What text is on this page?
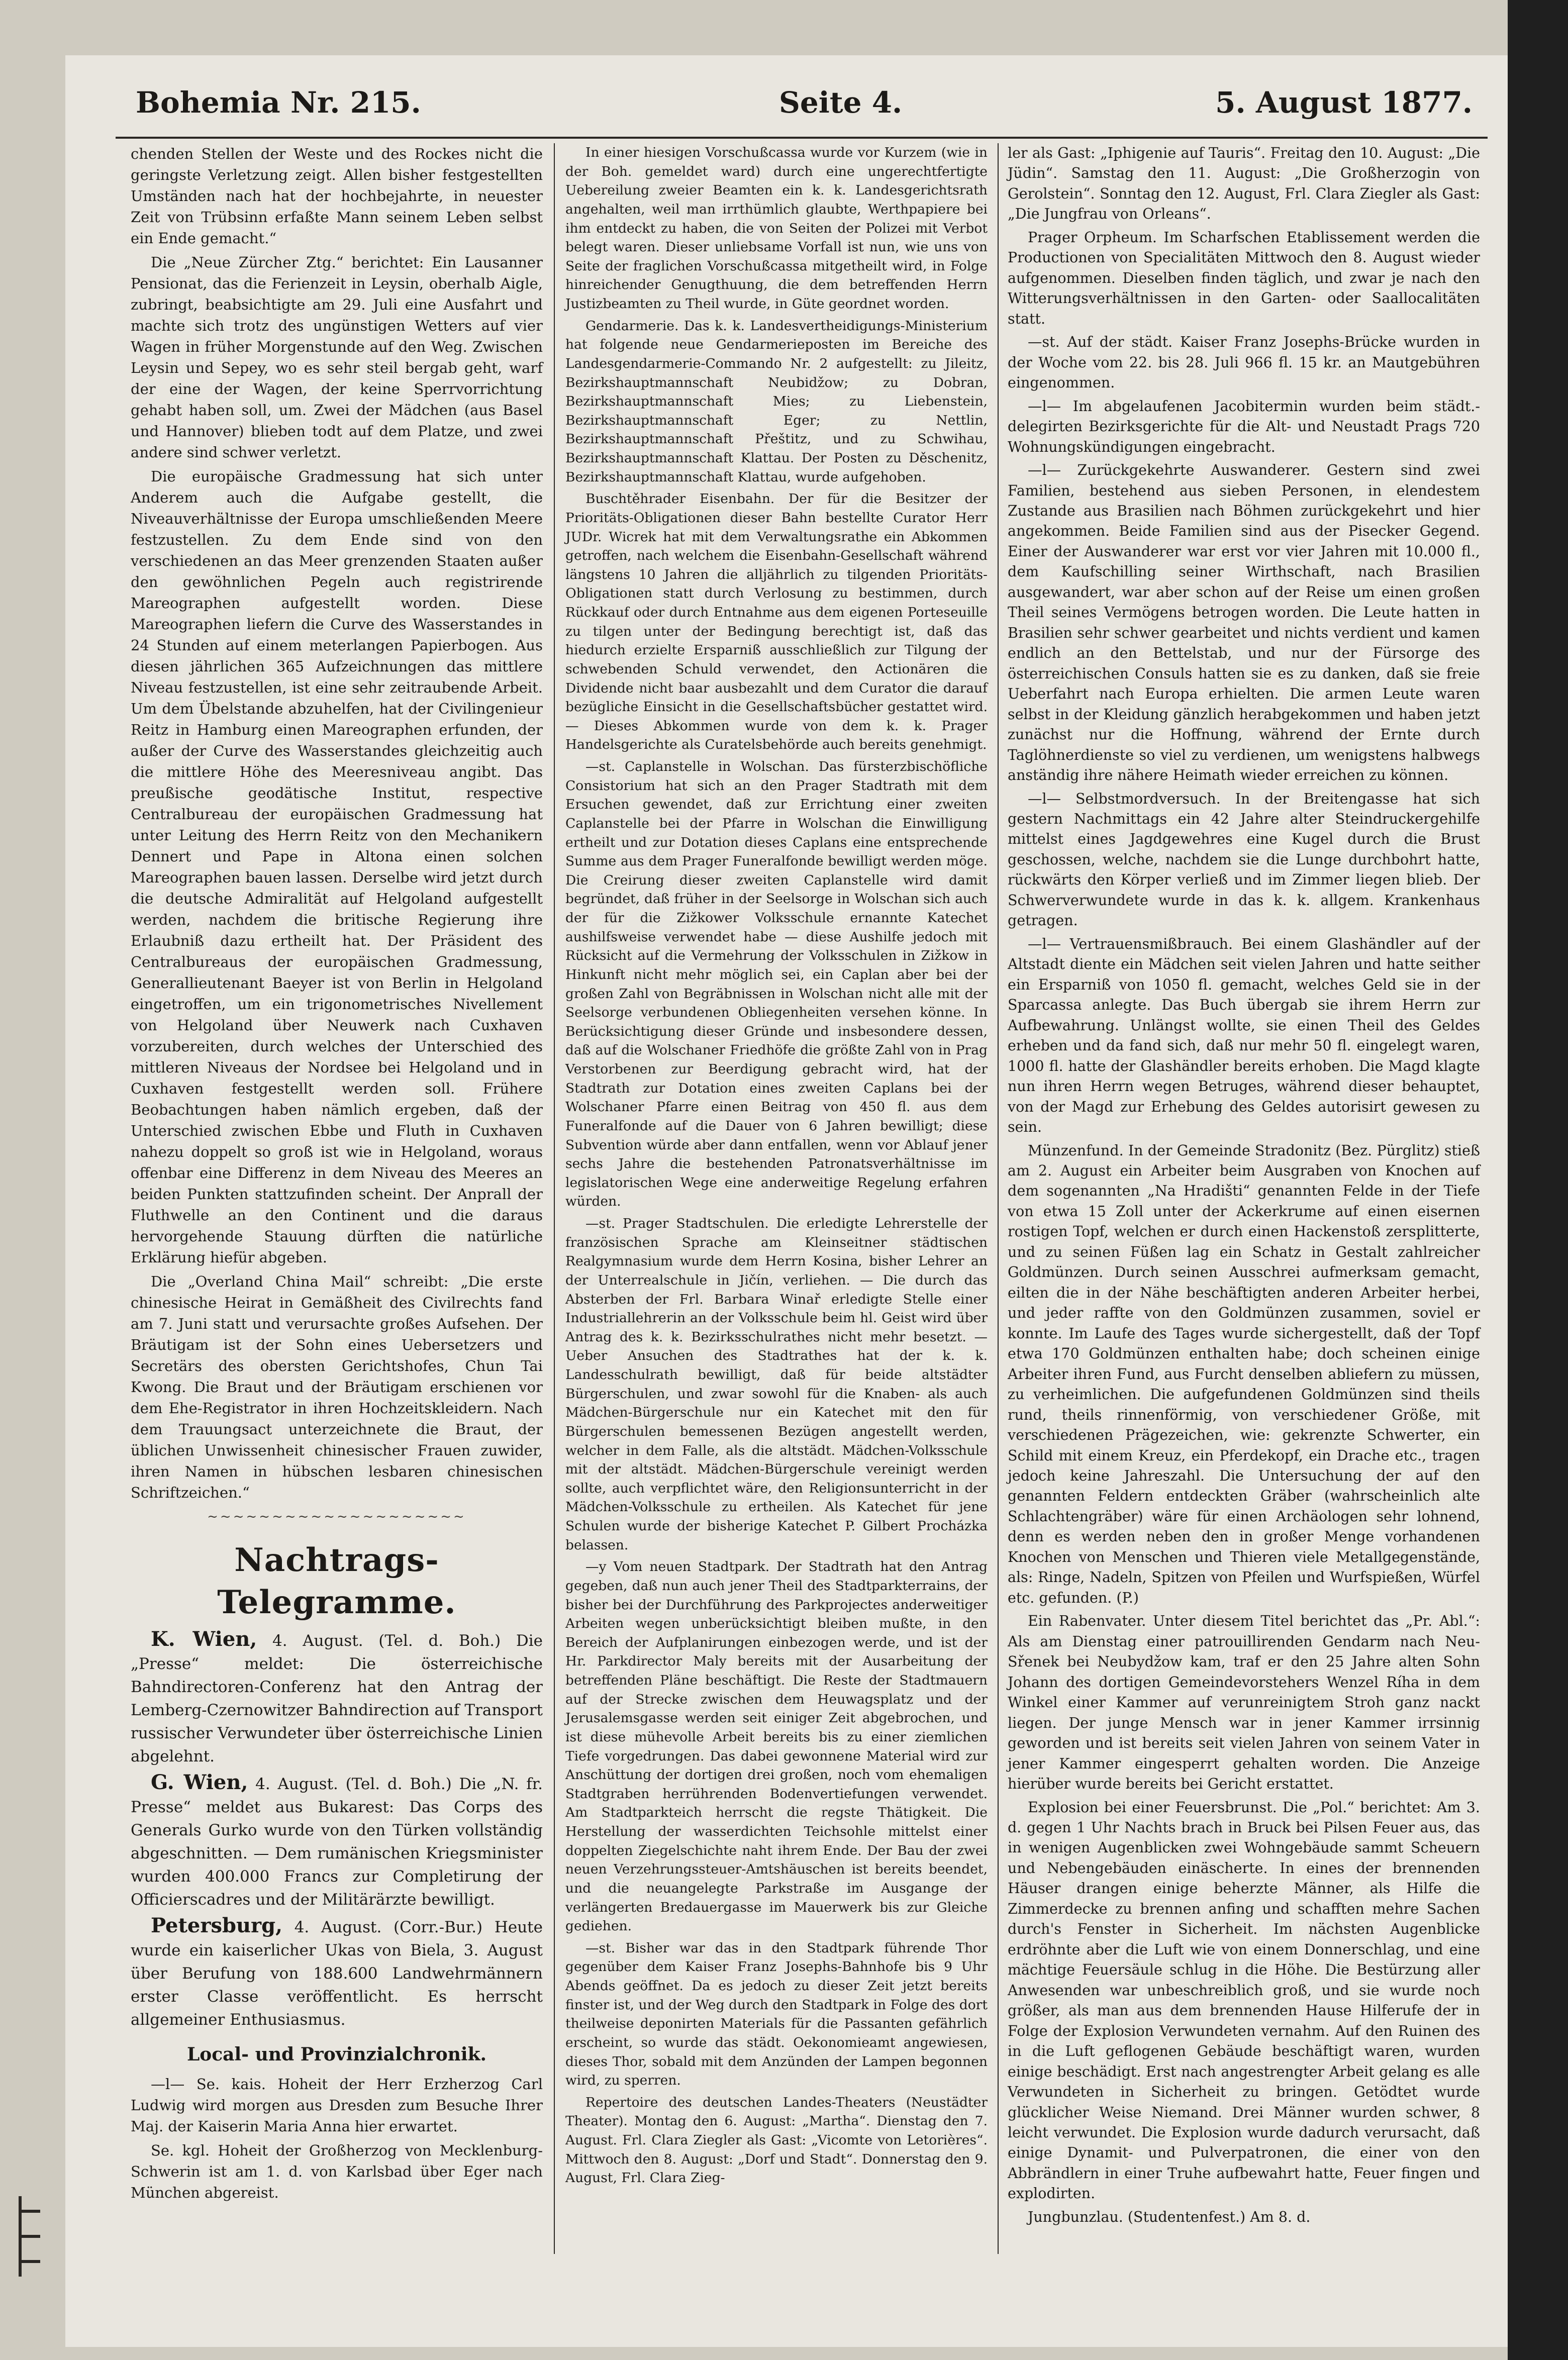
Bohemia Nr. 215.	Seite 4.	5. August 1877.

chenden Stellen der Weste und des Rockes nicht die geringste Verletzung zeigt. Allen bisher festgestellten Umständen nach hat der hochbejahrte, in neuester Zeit von Trübsinn erfaßte Mann seinem Leben selbst ein Ende gemacht.“

Die „Neue Zürcher Ztg.“ berichtet: Ein Lausanner Pensionat, das die Ferienzeit in Leysin, oberhalb Aigle, zubringt, beabsichtigte am 29. Juli eine Ausfahrt und machte sich trotz des ungünstigen Wetters auf vier Wagen in früher Morgenstunde auf den Weg. Zwischen Leysin und Sepey, wo es sehr steil bergab geht, warf der eine der Wagen, der keine Sperrvorrichtung gehabt haben soll, um. Zwei der Mädchen (aus Basel und Hannover) blieben todt auf dem Platze, und zwei andere sind schwer verletzt.

Die europäische Gradmessung hat sich unter Anderem auch die Aufgabe gestellt, die Niveauverhältnisse der Europa umschließenden Meere festzustellen. Zu dem Ende sind von den verschiedenen an das Meer grenzenden Staaten außer den gewöhnlichen Pegeln auch registrirende Mareographen aufgestellt worden. Diese Mareographen liefern die Curve des Wasserstandes in 24 Stunden auf einem meterlangen Papierbogen. Aus diesen jährlichen 365 Aufzeichnungen das mittlere Niveau festzustellen, ist eine sehr zeitraubende Arbeit. Um dem Übelstande abzuhelfen, hat der Civilingenieur Reitz in Hamburg einen Mareographen erfunden, der außer der Curve des Wasserstandes gleichzeitig auch die mittlere Höhe des Meeresniveau angibt. Das preußische geodätische Institut, respective Centralbureau der europäischen Gradmessung hat unter Leitung des Herrn Reitz von den Mechanikern Dennert und Pape in Altona einen solchen Mareographen bauen lassen. Derselbe wird jetzt durch die deutsche Admiralität auf Helgoland aufgestellt werden, nachdem die britische Regierung ihre Erlaubniß dazu ertheilt hat. Der Präsident des Centralbureaus der europäischen Gradmessung, Generallieutenant Baeyer ist von Berlin in Helgoland eingetroffen, um ein trigonometrisches Nivellement von Helgoland über Neuwerk nach Cuxhaven vorzubereiten, durch welches der Unterschied des mittleren Niveaus der Nordsee bei Helgoland und in Cuxhaven festgestellt werden soll. Frühere Beobachtungen haben nämlich ergeben, daß der Unterschied zwischen Ebbe und Fluth in Cuxhaven nahezu doppelt so groß ist wie in Helgoland, woraus offenbar eine Differenz in dem Niveau des Meeres an beiden Punkten stattzufinden scheint. Der Anprall der Fluthwelle an den Continent und die daraus hervorgehende Stauung dürften die natürliche Erklärung hiefür abgeben.

Die „Overland China Mail“ schreibt: „Die erste chinesische Heirat in Gemäßheit des Civilrechts fand am 7. Juni statt und verursachte großes Aufsehen. Der Bräutigam ist der Sohn eines Uebersetzers und Secretärs des obersten Gerichtshofes, Chun Tai Kwong. Die Braut und der Bräutigam erschienen vor dem Ehe-Registrator in ihren Hochzeitskleidern. Nach dem Trauungsact unterzeichnete die Braut, der üblichen Unwissenheit chinesischer Frauen zuwider, ihren Namen in hübschen lesbaren chinesischen Schriftzeichen.“

~~~~~~~~~~~~~~~~~~~~
Nachtrags-Telegramme.

K. Wien, 4. August. (Tel. d. Boh.) Die „Presse“ meldet: Die österreichische Bahndirectoren-Conferenz hat den Antrag der Lemberg-Czernowitzer Bahndirection auf Transport russischer Verwundeter über österreichische Linien abgelehnt.

G. Wien, 4. August. (Tel. d. Boh.) Die „N. fr. Presse“ meldet aus Bukarest: Das Corps des Generals Gurko wurde von den Türken vollständig abgeschnitten. — Dem rumänischen Kriegsminister wurden 400.000 Francs zur Completirung der Officierscadres und der Militärärzte bewilligt.

Petersburg, 4. August. (Corr.-Bur.) Heute wurde ein kaiserlicher Ukas von Biela, 3. August über Berufung von 188.600 Landwehrmännern erster Classe veröffentlicht. Es herrscht allgemeiner Enthusiasmus.

Local- und Provinzialchronik.

—l— Se. kais. Hoheit der Herr Erzherzog Carl Ludwig wird morgen aus Dresden zum Besuche Ihrer Maj. der Kaiserin Maria Anna hier erwartet.

Se. kgl. Hoheit der Großherzog von Mecklenburg-Schwerin ist am 1. d. von Karlsbad über Eger nach München abgereist.

In einer hiesigen Vorschußcassa wurde vor Kurzem (wie in der Boh. gemeldet ward) durch eine ungerechtfertigte Uebereilung zweier Beamten ein k. k. Landesgerichtsrath angehalten, weil man irrthümlich glaubte, Werthpapiere bei ihm entdeckt zu haben, die von Seiten der Polizei mit Verbot belegt waren. Dieser unliebsame Vorfall ist nun, wie uns von Seite der fraglichen Vorschußcassa mitgetheilt wird, in Folge hinreichender Genugthuung, die dem betreffenden Herrn Justizbeamten zu Theil wurde, in Güte geordnet worden.

Gendarmerie. Das k. k. Landesvertheidigungs-Ministerium hat folgende neue Gendarmerieposten im Bereiche des Landesgendarmerie-Commando Nr. 2 aufgestellt: zu Jileitz, Bezirkshauptmannschaft Neubidžow; zu Dobran, Bezirkshauptmannschaft Mies; zu Liebenstein, Bezirkshauptmannschaft Eger; zu Nettlin, Bezirkshauptmannschaft Přeštitz, und zu Schwihau, Bezirkshauptmannschaft Klattau. Der Posten zu Děschenitz, Bezirkshauptmannschaft Klattau, wurde aufgehoben.

Buschtěhrader Eisenbahn. Der für die Besitzer der Prioritäts-Obligationen dieser Bahn bestellte Curator Herr JUDr. Wicrek hat mit dem Verwaltungsrathe ein Abkommen getroffen, nach welchem die Eisenbahn-Gesellschaft während längstens 10 Jahren die alljährlich zu tilgenden Prioritäts-Obligationen statt durch Verlosung zu bestimmen, durch Rückkauf oder durch Entnahme aus dem eigenen Porteseuille zu tilgen unter der Bedingung berechtigt ist, daß das hiedurch erzielte Ersparniß ausschließlich zur Tilgung der schwebenden Schuld verwendet, den Actionären die Dividende nicht baar ausbezahlt und dem Curator die darauf bezügliche Einsicht in die Gesellschaftsbücher gestattet wird. — Dieses Abkommen wurde von dem k. k. Prager Handelsgerichte als Curatelsbehörde auch bereits genehmigt.

—st. Caplanstelle in Wolschan. Das fürsterzbischöfliche Consistorium hat sich an den Prager Stadtrath mit dem Ersuchen gewendet, daß zur Errichtung einer zweiten Caplanstelle bei der Pfarre in Wolschan die Einwilligung ertheilt und zur Dotation dieses Caplans eine entsprechende Summe aus dem Prager Funeralfonde bewilligt werden möge. Die Creirung dieser zweiten Caplanstelle wird damit begründet, daß früher in der Seelsorge in Wolschan sich auch der für die Zižkower Volksschule ernannte Katechet aushilfsweise verwendet habe — diese Aushilfe jedoch mit Rücksicht auf die Vermehrung der Volksschulen in Zižkow in Hinkunft nicht mehr möglich sei, ein Caplan aber bei der großen Zahl von Begräbnissen in Wolschan nicht alle mit der Seelsorge verbundenen Obliegenheiten versehen könne. In Berücksichtigung dieser Gründe und insbesondere dessen, daß auf die Wolschaner Friedhöfe die größte Zahl von in Prag Verstorbenen zur Beerdigung gebracht wird, hat der Stadtrath zur Dotation eines zweiten Caplans bei der Wolschaner Pfarre einen Beitrag von 450 fl. aus dem Funeralfonde auf die Dauer von 6 Jahren bewilligt; diese Subvention würde aber dann entfallen, wenn vor Ablauf jener sechs Jahre die bestehenden Patronatsverhältnisse im legislatorischen Wege eine anderweitige Regelung erfahren würden.

—st. Prager Stadtschulen. Die erledigte Lehrerstelle der französischen Sprache am Kleinseitner städtischen Realgymnasium wurde dem Herrn Kosina, bisher Lehrer an der Unterrealschule in Jičín, verliehen. — Die durch das Absterben der Frl. Barbara Winař erledigte Stelle einer Industriallehrerin an der Volksschule beim hl. Geist wird über Antrag des k. k. Bezirksschulrathes nicht mehr besetzt. — Ueber Ansuchen des Stadtrathes hat der k. k. Landesschulrath bewilligt, daß für beide altstädter Bürgerschulen, und zwar sowohl für die Knaben- als auch Mädchen-Bürgerschule nur ein Katechet mit den für Bürgerschulen bemessenen Bezügen angestellt werden, welcher in dem Falle, als die altstädt. Mädchen-Volksschule mit der altstädt. Mädchen-Bürgerschule vereinigt werden sollte, auch verpflichtet wäre, den Religionsunterricht in der Mädchen-Volksschule zu ertheilen. Als Katechet für jene Schulen wurde der bisherige Katechet P. Gilbert Procházka belassen.

—y Vom neuen Stadtpark. Der Stadtrath hat den Antrag gegeben, daß nun auch jener Theil des Stadtparkterrains, der bisher bei der Durchführung des Parkprojectes anderweitiger Arbeiten wegen unberücksichtigt bleiben mußte, in den Bereich der Aufplanirungen einbezogen werde, und ist der Hr. Parkdirector Maly bereits mit der Ausarbeitung der betreffenden Pläne beschäftigt. Die Reste der Stadtmauern auf der Strecke zwischen dem Heuwagsplatz und der Jerusalemsgasse werden seit einiger Zeit abgebrochen, und ist diese mühevolle Arbeit bereits bis zu einer ziemlichen Tiefe vorgedrungen. Das dabei gewonnene Material wird zur Anschüttung der dortigen drei großen, noch vom ehemaligen Stadtgraben herrührenden Bodenvertiefungen verwendet. Am Stadtparkteich herrscht die regste Thätigkeit. Die Herstellung der wasserdichten Teichsohle mittelst einer doppelten Ziegelschichte naht ihrem Ende. Der Bau der zwei neuen Verzehrungssteuer-Amtshäuschen ist bereits beendet, und die neuangelegte Parkstraße im Ausgange der verlängerten Bredauergasse im Mauerwerk bis zur Gleiche gediehen.

—st. Bisher war das in den Stadtpark führende Thor gegenüber dem Kaiser Franz Josephs-Bahnhofe bis 9 Uhr Abends geöffnet. Da es jedoch zu dieser Zeit jetzt bereits finster ist, und der Weg durch den Stadtpark in Folge des dort theilweise deponirten Materials für die Passanten gefährlich erscheint, so wurde das städt. Oekonomieamt angewiesen, dieses Thor, sobald mit dem Anzünden der Lampen begonnen wird, zu sperren.

Repertoire des deutschen Landes-Theaters (Neustädter Theater). Montag den 6. August: „Martha“. Dienstag den 7. August. Frl. Clara Ziegler als Gast: „Vicomte von Letorières“. Mittwoch den 8. August: „Dorf und Stadt“. Donnerstag den 9. August, Frl. Clara Zieg-

ler als Gast: „Iphigenie auf Tauris“. Freitag den 10. August: „Die Jüdin“. Samstag den 11. August: „Die Großherzogin von Gerolstein“. Sonntag den 12. August, Frl. Clara Ziegler als Gast: „Die Jungfrau von Orleans“.

Prager Orpheum. Im Scharfschen Etablissement werden die Productionen von Specialitäten Mittwoch den 8. August wieder aufgenommen. Dieselben finden täglich, und zwar je nach den Witterungsverhältnissen in den Garten- oder Saallocalitäten statt.

—st. Auf der städt. Kaiser Franz Josephs-Brücke wurden in der Woche vom 22. bis 28. Juli 966 fl. 15 kr. an Mautgebühren eingenommen.

—l— Im abgelaufenen Jacobitermin wurden beim städt.-delegirten Bezirksgerichte für die Alt- und Neustadt Prags 720 Wohnungskündigungen eingebracht.

—l— Zurückgekehrte Auswanderer. Gestern sind zwei Familien, bestehend aus sieben Personen, in elendestem Zustande aus Brasilien nach Böhmen zurückgekehrt und hier angekommen. Beide Familien sind aus der Pisecker Gegend. Einer der Auswanderer war erst vor vier Jahren mit 10.000 fl., dem Kaufschilling seiner Wirthschaft, nach Brasilien ausgewandert, war aber schon auf der Reise um einen großen Theil seines Vermögens betrogen worden. Die Leute hatten in Brasilien sehr schwer gearbeitet und nichts verdient und kamen endlich an den Bettelstab, und nur der Fürsorge des österreichischen Consuls hatten sie es zu danken, daß sie freie Ueberfahrt nach Europa erhielten. Die armen Leute waren selbst in der Kleidung gänzlich herabgekommen und haben jetzt zunächst nur die Hoffnung, während der Ernte durch Taglöhnerdienste so viel zu verdienen, um wenigstens halbwegs anständig ihre nähere Heimath wieder erreichen zu können.

—l— Selbstmordversuch. In der Breitengasse hat sich gestern Nachmittags ein 42 Jahre alter Steindruckergehilfe mittelst eines Jagdgewehres eine Kugel durch die Brust geschossen, welche, nachdem sie die Lunge durchbohrt hatte, rückwärts den Körper verließ und im Zimmer liegen blieb. Der Schwerverwundete wurde in das k. k. allgem. Krankenhaus getragen.

—l— Vertrauensmißbrauch. Bei einem Glashändler auf der Altstadt diente ein Mädchen seit vielen Jahren und hatte seither ein Ersparniß von 1050 fl. gemacht, welches Geld sie in der Sparcassa anlegte. Das Buch übergab sie ihrem Herrn zur Aufbewahrung. Unlängst wollte, sie einen Theil des Geldes erheben und da fand sich, daß nur mehr 50 fl. eingelegt waren, 1000 fl. hatte der Glashändler bereits erhoben. Die Magd klagte nun ihren Herrn wegen Betruges, während dieser behauptet, von der Magd zur Erhebung des Geldes autorisirt gewesen zu sein.

Münzenfund. In der Gemeinde Stradonitz (Bez. Pürglitz) stieß am 2. August ein Arbeiter beim Ausgraben von Knochen auf dem sogenannten „Na Hradišti“ genannten Felde in der Tiefe von etwa 15 Zoll unter der Ackerkrume auf einen eisernen rostigen Topf, welchen er durch einen Hackenstoß zersplitterte, und zu seinen Füßen lag ein Schatz in Gestalt zahlreicher Goldmünzen. Durch seinen Ausschrei aufmerksam gemacht, eilten die in der Nähe beschäftigten anderen Arbeiter herbei, und jeder raffte von den Goldmünzen zusammen, soviel er konnte. Im Laufe des Tages wurde sichergestellt, daß der Topf etwa 170 Goldmünzen enthalten habe; doch scheinen einige Arbeiter ihren Fund, aus Furcht denselben abliefern zu müssen, zu verheimlichen. Die aufgefundenen Goldmünzen sind theils rund, theils rinnenförmig, von verschiedener Größe, mit verschiedenen Prägezeichen, wie: gekrenzte Schwerter, ein Schild mit einem Kreuz, ein Pferdekopf, ein Drache etc., tragen jedoch keine Jahreszahl. Die Untersuchung der auf den genannten Feldern entdeckten Gräber (wahrscheinlich alte Schlachtengräber) wäre für einen Archäologen sehr lohnend, denn es werden neben den in großer Menge vorhandenen Knochen von Menschen und Thieren viele Metallgegenstände, als: Ringe, Nadeln, Spitzen von Pfeilen und Wurfspießen, Würfel etc. gefunden. (P.)

Ein Rabenvater. Unter diesem Titel berichtet das „Pr. Abl.“: Als am Dienstag einer patrouillirenden Gendarm nach Neu-Sřenek bei Neubydžow kam, traf er den 25 Jahre alten Sohn Johann des dortigen Gemeindevorstehers Wenzel Ríha in dem Winkel einer Kammer auf verunreinigtem Stroh ganz nackt liegen. Der junge Mensch war in jener Kammer irrsinnig geworden und ist bereits seit vielen Jahren von seinem Vater in jener Kammer eingesperrt gehalten worden. Die Anzeige hierüber wurde bereits bei Gericht erstattet.

Explosion bei einer Feuersbrunst. Die „Pol.“ berichtet: Am 3. d. gegen 1 Uhr Nachts brach in Bruck bei Pilsen Feuer aus, das in wenigen Augenblicken zwei Wohngebäude sammt Scheuern und Nebengebäuden einäscherte. In eines der brennenden Häuser drangen einige beherzte Männer, als Hilfe die Zimmerdecke zu brennen anfing und schafften mehre Sachen durch's Fenster in Sicherheit. Im nächsten Augenblicke erdröhnte aber die Luft wie von einem Donnerschlag, und eine mächtige Feuersäule schlug in die Höhe. Die Bestürzung aller Anwesenden war unbeschreiblich groß, und sie wurde noch größer, als man aus dem brennenden Hause Hilferufe der in Folge der Explosion Verwundeten vernahm. Auf den Ruinen des in die Luft geflogenen Gebäude beschäftigt waren, wurden einige beschädigt. Erst nach angestrengter Arbeit gelang es alle Verwundeten in Sicherheit zu bringen. Getödtet wurde glücklicher Weise Niemand. Drei Männer wurden schwer, 8 leicht verwundet. Die Explosion wurde dadurch verursacht, daß einige Dynamit- und Pulverpatronen, die einer von den Abbrändlern in einer Truhe aufbewahrt hatte, Feuer fingen und explodirten.

Jungbunzlau. (Studentenfest.) Am 8. d.
